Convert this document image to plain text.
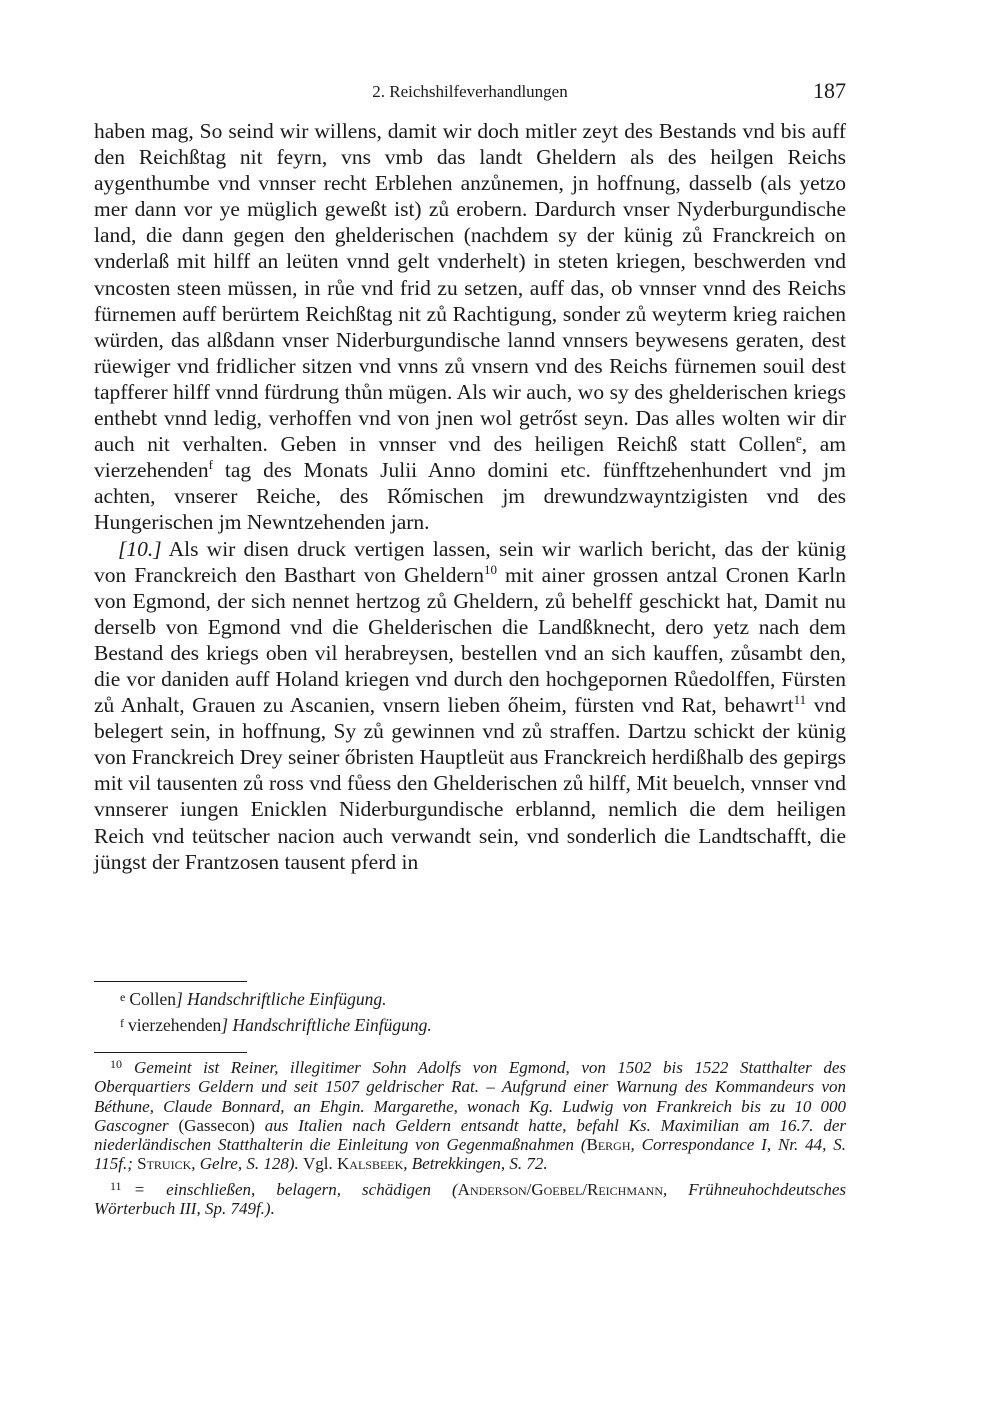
2. Reichshilfeverhandlungen	187

haben mag, So seind wir willens, damit wir doch mitler zeyt des Bestands vnd bis auff den Reichßtag nit feyrn, vns vmb das landt Gheldern als des heilgen Reichs aygenthumbe vnd vnnser recht Erblehen anzůnemen, jn hoffnung, dasselb (als yetzo mer dann vor ye müglich geweßt ist) zů erobern. Dardurch vnser Nyderburgundische land, die dann gegen den ghelderischen (nachdem sy der künig zů Franckreich on vnderlaß mit hilff an leüten vnnd gelt vnderhelt) in steten kriegen, beschwerden vnd vncosten steen müssen, in růe vnd frid zu setzen, auff das, ob vnnser vnnd des Reichs fürnemen auff berürtem Reichßtag nit zů Rachtigung, sonder zů weyterm krieg raichen würden, das alßdann vnser Niderburgundische lannd vnnsers beywesens geraten, dest rüewiger vnd fridlicher sitzen vnd vnns zů vnsern vnd des Reichs fürnemen souil dest tapfferer hilff vnnd fürdrung thůn mügen. Als wir auch, wo sy des ghelderischen kriegs enthebt vnnd ledig, verhoffen vnd von jnen wol getrőst seyn. Das alles wolten wir dir auch nit verhalten. Geben in vnnser vnd des heiligen Reichß statt Collen$^e$, am vierzehenden$^f$ tag des Monats Julii Anno domini etc. fünfftzehenhundert vnd jm achten, vnserer Reiche, des Rőmischen jm drewundzwayntzigisten vnd des Hungerischen jm Newntzehenden jarn.

[10.] Als wir disen druck vertigen lassen, sein wir warlich bericht, das der künig von Franckreich den Basthart von Gheldern$^{10}$ mit ainer grossen antzal Cronen Karln von Egmond, der sich nennet hertzog zů Gheldern, zů behelff geschickt hat, Damit nu derselb von Egmond vnd die Ghelderischen die Landßknecht, dero yetz nach dem Bestand des kriegs oben vil herabreysen, bestellen vnd an sich kauffen, zůsambt den, die vor daniden auff Holand kriegen vnd durch den hochgepornen Růedolffen, Fürsten zů Anhalt, Grauen zu Ascanien, vnsern lieben őheim, fürsten vnd Rat, behawrt$^{11}$ vnd belegert sein, in hoffnung, Sy zů gewinnen vnd zů straffen. Dartzu schickt der künig von Franckreich Drey seiner őbristen Hauptleüt aus Franckreich herdißhalb des gepirgs mit vil tausenten zů ross vnd fůess den Ghelderischen zů hilff, Mit beuelch, vnnser vnd vnnserer iungen Enicklen Niderburgundische erblannd, nemlich die dem heiligen Reich vnd teütscher nacion auch verwandt sein, vnd sonderlich die Landtschafft, die jüngst der Frantzosen tausent pferd in

$^e$ Collen] Handschriftliche Einfügung.
$^f$ vierzehenden] Handschriftliche Einfügung.

$^{10}$ Gemeint ist Reiner, illegitimer Sohn Adolfs von Egmond, von 1502 bis 1522 Statthalter des Oberquartiers Geldern und seit 1507 geldrischer Rat. – Aufgrund einer Warnung des Kommandeurs von Béthune, Claude Bonnard, an Ehgin. Margarethe, wonach Kg. Ludwig von Frankreich bis zu 10 000 Gascogner (Gassecon) aus Italien nach Geldern entsandt hatte, befahl Ks. Maximilian am 16.7. der niederländischen Statthalterin die Einleitung von Gegenmaßnahmen (Bergh, Correspondance I, Nr. 44, S. 115f.; Struick, Gelre, S. 128). Vgl. Kalsbeek, Betrekkingen, S. 72.

$^{11}$ = einschließen, belagern, schädigen (Anderson/Goebel/Reichmann, Frühneuhochdeutsches Wörterbuch III, Sp. 749f.).
